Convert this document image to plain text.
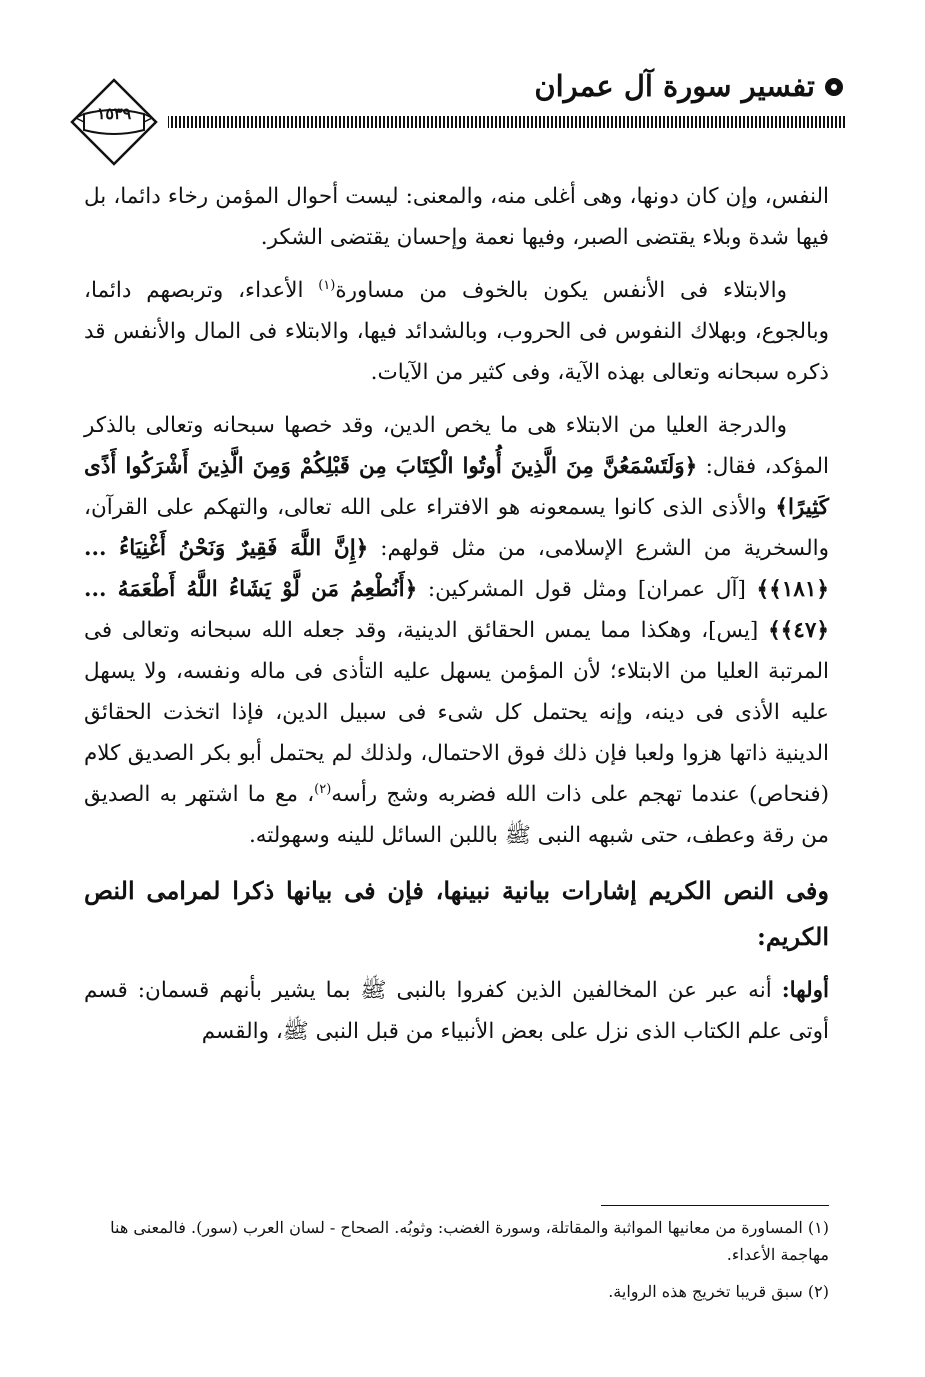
تفسير سورة آل عمران
١٥٣٩

النفس، وإن كان دونها، وهى أغلى منه، والمعنى: ليست أحوال المؤمن رخاء دائما، بل فيها شدة وبلاء يقتضى الصبر، وفيها نعمة وإحسان يقتضى الشكر.

والابتلاء فى الأنفس يكون بالخوف من مساورة$^{(١)}$ الأعداء، وتربصهم دائما، وبالجوع، وبهلاك النفوس فى الحروب، وبالشدائد فيها، والابتلاء فى المال والأنفس قد ذكره سبحانه وتعالى بهذه الآية، وفى كثير من الآيات.

والدرجة العليا من الابتلاء هى ما يخص الدين، وقد خصها سبحانه وتعالى بالذكر المؤكد، فقال: ﴿وَلَتَسْمَعُنَّ مِنَ الَّذِينَ أُوتُوا الْكِتَابَ مِن قَبْلِكُمْ وَمِنَ الَّذِينَ أَشْرَكُوا أَذًى كَثِيرًا﴾ والأذى الذى كانوا يسمعونه هو الافتراء على الله تعالى، والتهكم على القرآن، والسخرية من الشرع الإسلامى، من مثل قولهم: ﴿إِنَّ اللَّهَ فَقِيرٌ وَنَحْنُ أَغْنِيَاءُ ... ﴿١٨١﴾﴾ [آل عمران] ومثل قول المشركين: ﴿أَنُطْعِمُ مَن لَّوْ يَشَاءُ اللَّهُ أَطْعَمَهُ ... ﴿٤٧﴾﴾ [يس]، وهكذا مما يمس الحقائق الدينية، وقد جعله الله سبحانه وتعالى فى المرتبة العليا من الابتلاء؛ لأن المؤمن يسهل عليه التأذى فى ماله ونفسه، ولا يسهل عليه الأذى فى دينه، وإنه يحتمل كل شىء فى سبيل الدين، فإذا اتخذت الحقائق الدينية ذاتها هزوا ولعبا فإن ذلك فوق الاحتمال، ولذلك لم يحتمل أبو بكر الصديق كلام (فنحاص) عندما تهجم على ذات الله فضربه وشج رأسه$^{(٢)}$، مع ما اشتهر به الصديق من رقة وعطف، حتى شبهه النبى ﷺ باللبن السائل للينه وسهولته.

وفى النص الكريم إشارات بيانية نبينها، فإن فى بيانها ذكرا لمرامى النص الكريم:

أولها: أنه عبر عن المخالفين الذين كفروا بالنبى ﷺ بما يشير بأنهم قسمان: قسم أوتى علم الكتاب الذى نزل على بعض الأنبياء من قبل النبى ﷺ، والقسم

(١) المساورة من معانيها المواثبة والمقاتلة، وسورة الغضب: وثوبُه. الصحاح - لسان العرب (سور). فالمعنى هنا مهاجمة الأعداء.

(٢) سبق قريبا تخريج هذه الرواية.
